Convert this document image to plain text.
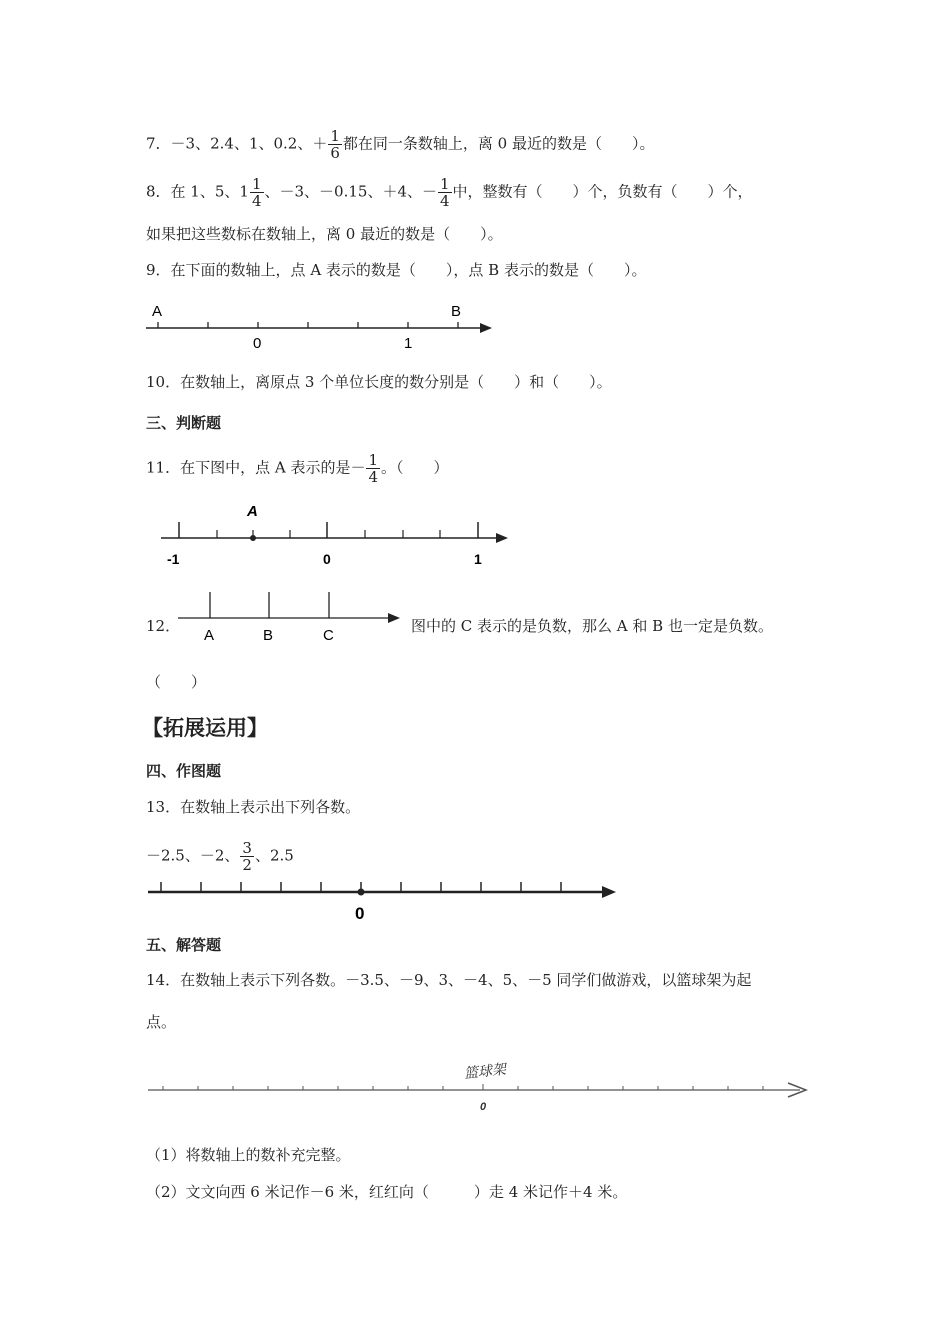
7．－3、2.4、1、0.2、＋ $\frac{1}{6}$ 都在同一条数轴上，离 0 最近的数是（　　）。
8．在 1、5、$1 \frac{1}{4}$ 、－3、－0.15、＋4、－ $\frac{1}{4}$ 中，整数有（　　）个，负数有（　　）个，
如果把这些数标在数轴上，离 0 最近的数是（　　）。
9．在下面的数轴上，点 A 表示的数是（　　），点 B 表示的数是（　　）。
A	B
0	1
10．在数轴上，离原点 3 个单位长度的数分别是（　　）和（　　）。
三、判断题
11．在下图中，点 A 表示的是－ $\frac{1}{4}$ 。（　　）
A
-1	0	1
12．
A	B	C
图中的 C 表示的是负数，那么 A 和 B 也一定是负数。
（　　）
【拓展运用】
四、作图题
13．在数轴上表示出下列各数。
－2.5、－2、 $\frac{3}{2}$ 、2.5
0
五、解答题
14．在数轴上表示下列各数。－3.5、－9、3、－4、5、－5 同学们做游戏，以篮球架为起
点。
篮球架
0
（1）将数轴上的数补充完整。
（2）文文向西 6 米记作－6 米，红红向（　　　）走 4 米记作＋4 米。
